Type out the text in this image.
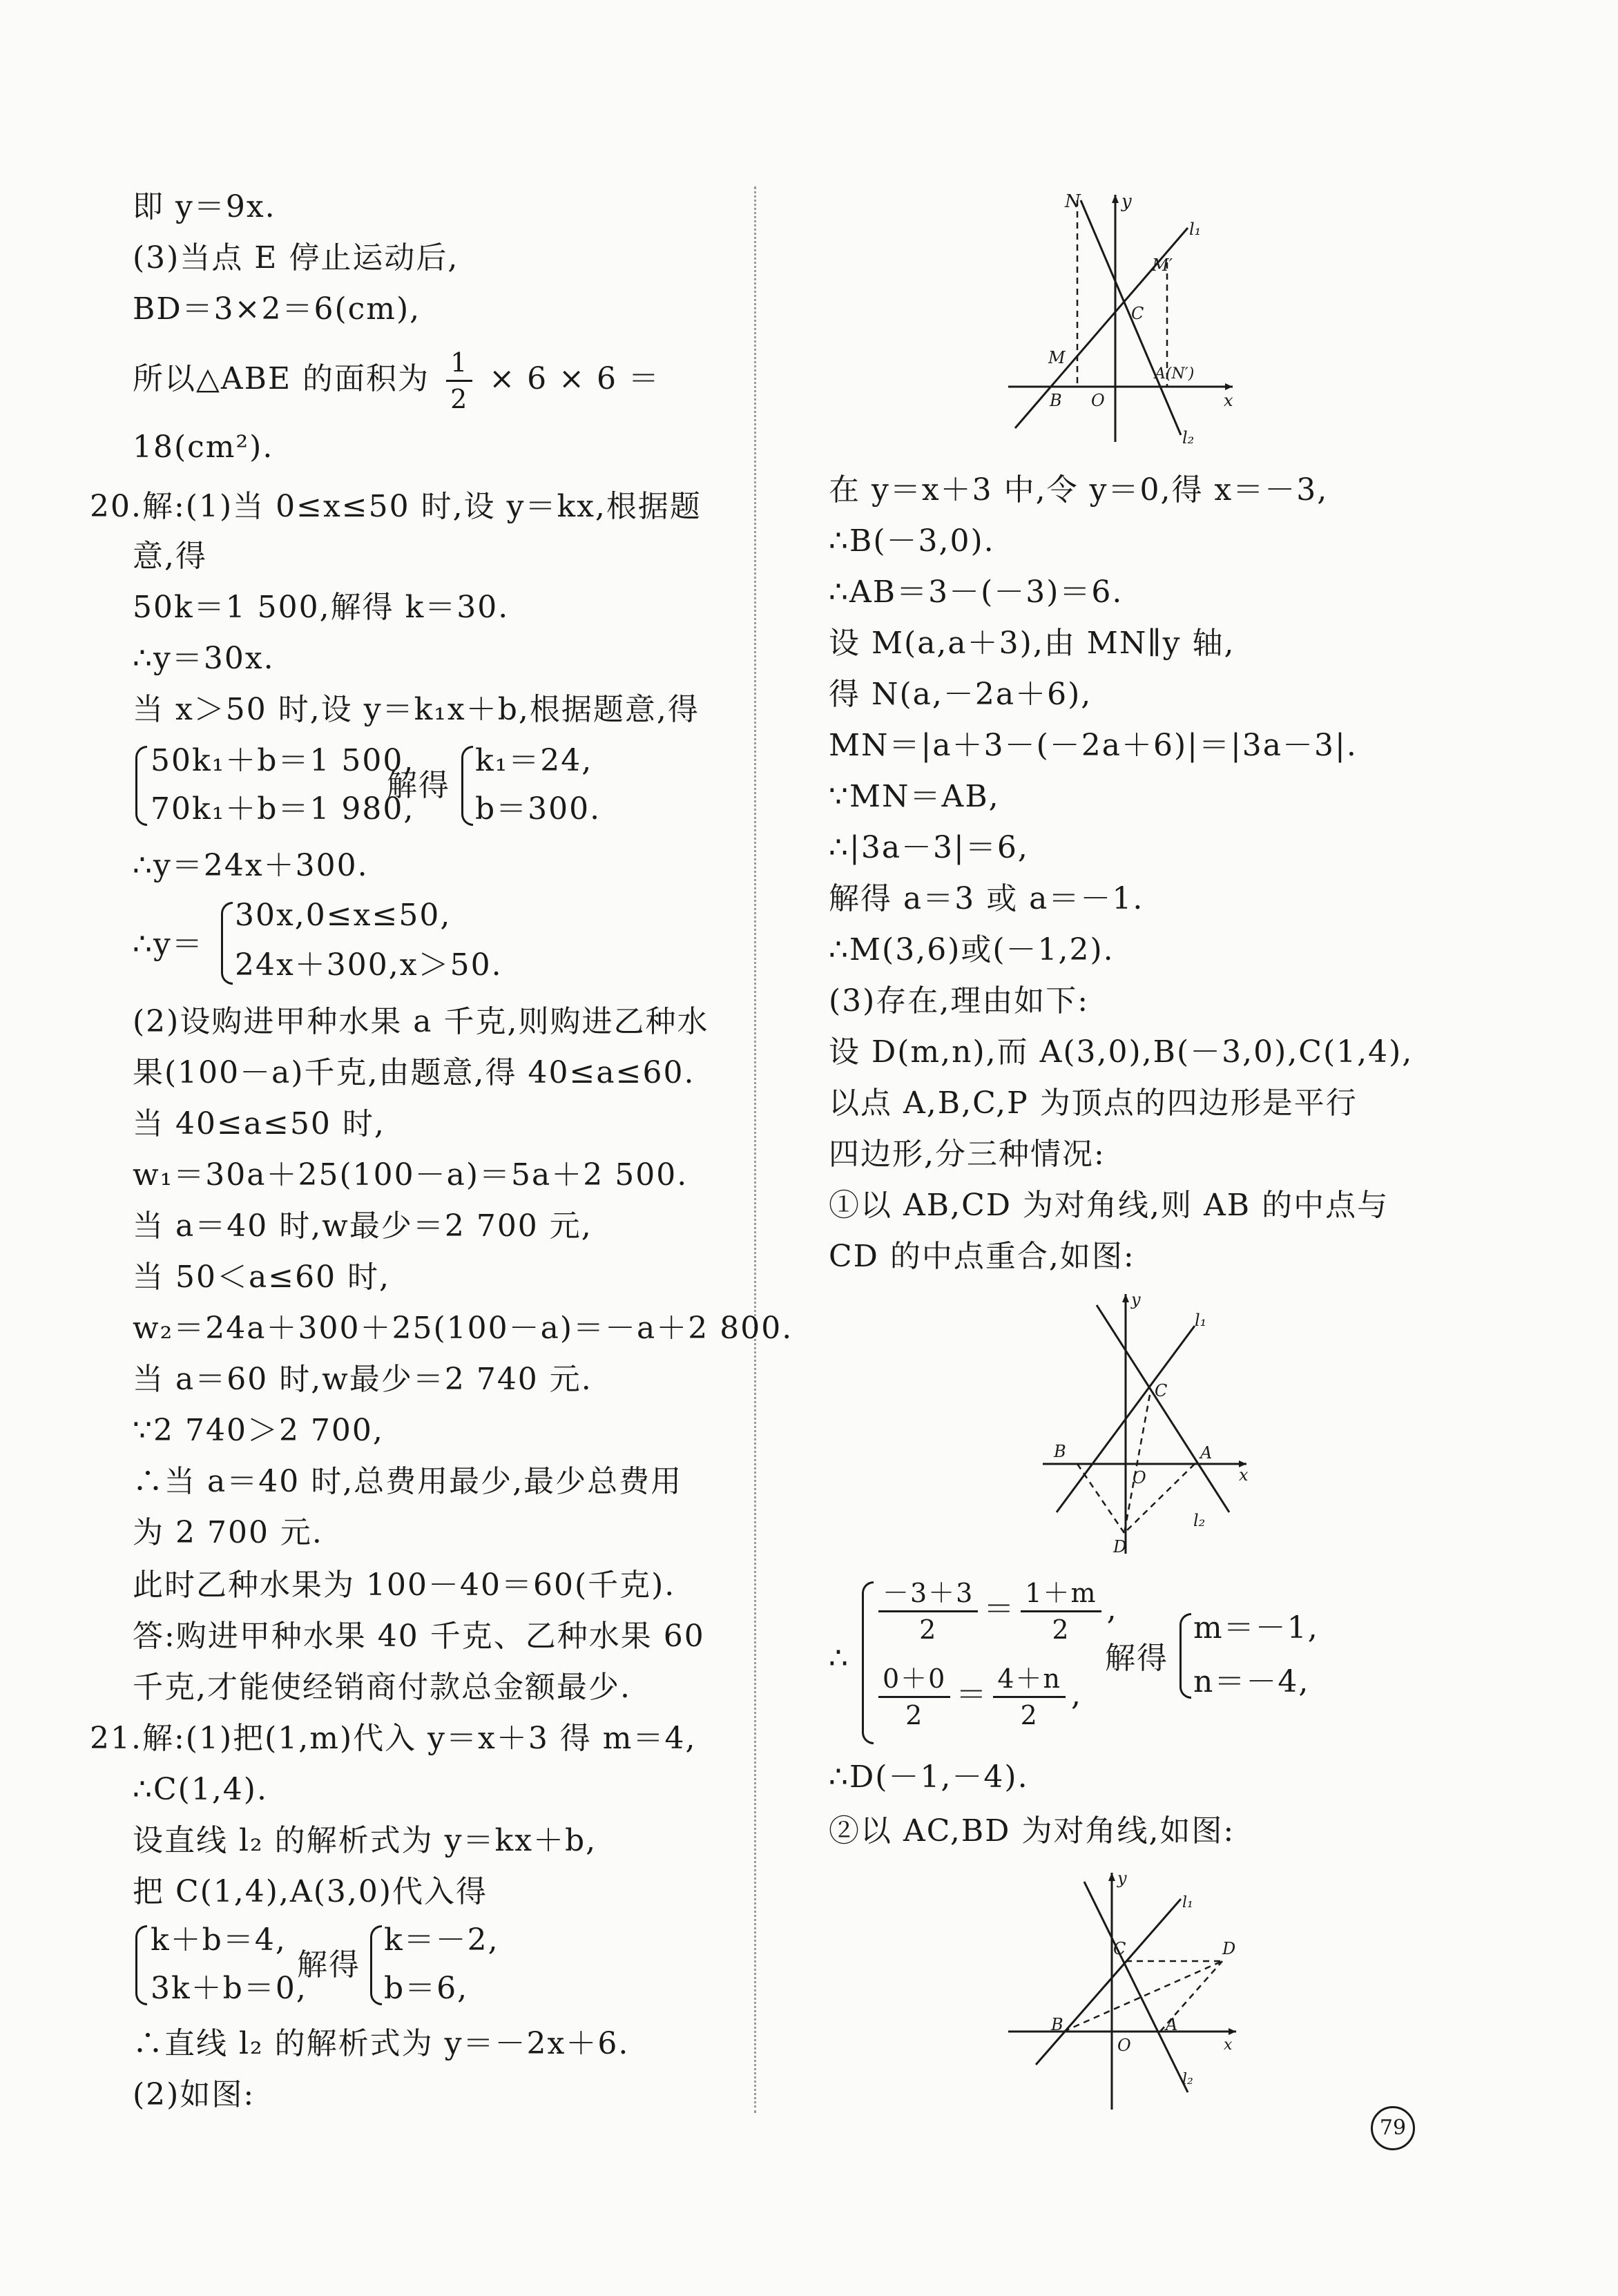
即 y＝9x.
(3)当点 E 停止运动后,
BD＝3×2＝6(cm),
所以△ABE 的面积为 $\frac{1}{2} \times 6 \times 6$ ＝
18(cm²).
20.解:(1)当 0≤x≤50 时,设 y＝kx,根据题
意,得
50k＝1 500,解得 k＝30.
∴y＝30x.
当 x＞50 时,设 y＝k₁x＋b,根据题意,得
50k₁＋b＝1 500,
70k₁＋b＝1 980,
解得
k₁＝24,
b＝300.
∴y＝24x＋300.
∴y＝
30x,0≤x≤50,
24x＋300,x＞50.
(2)设购进甲种水果 a 千克,则购进乙种水
果(100－a)千克,由题意,得 40≤a≤60.
当 40≤a≤50 时,
w₁＝30a＋25(100－a)＝5a＋2 500.
当 a＝40 时,w最少＝2 700 元,
当 50＜a≤60 时,
w₂＝24a＋300＋25(100－a)＝－a＋2 800.
当 a＝60 时,w最少＝2 740 元.
∵2 740＞2 700,
∴当 a＝40 时,总费用最少,最少总费用
为 2 700 元.
此时乙种水果为 100－40＝60(千克).
答:购进甲种水果 40 千克、乙种水果 60
千克,才能使经销商付款总金额最少.
21.解:(1)把(1,m)代入 y＝x＋3 得 m＝4,
∴C(1,4).
设直线 l₂ 的解析式为 y＝kx＋b,
把 C(1,4),A(3,0)代入得
k＋b＝4,
3k＋b＝0,
解得
k＝－2,
b＝6,
∴直线 l₂ 的解析式为 y＝－2x＋6.
(2)如图:
N y
l₁
M′
C
M
A(N′)
B O	x
l₂
在 y＝x＋3 中,令 y＝0,得 x＝－3,
∴B(－3,0).
∴AB＝3－(－3)＝6.
设 M(a,a＋3),由 MN∥y 轴,
得 N(a,－2a＋6),
MN＝|a＋3－(－2a＋6)|＝|3a－3|.
∵MN＝AB,
∴|3a－3|＝6,
解得 a＝3 或 a＝－1.
∴M(3,6)或(－1,2).
(3)存在,理由如下:
设 D(m,n),而 A(3,0),B(－3,0),C(1,4),
以点 A,B,C,P 为顶点的四边形是平行
四边形,分三种情况:
①以 AB,CD 为对角线,则 AB 的中点与
CD 的中点重合,如图:
∴
$\frac{-3+3}{2} = \frac{1+m}{2}$ ,
$\frac{0+0}{2} = \frac{4+n}{2}$ ,
解得
m＝－1,
n＝－4,
∴D(－1,－4).
②以 AC,BD 为对角线,如图:
y
l₁
C
B
O
A
x
l₂
D
y
l₁
C	D
B
O
A
x
l₂
79
